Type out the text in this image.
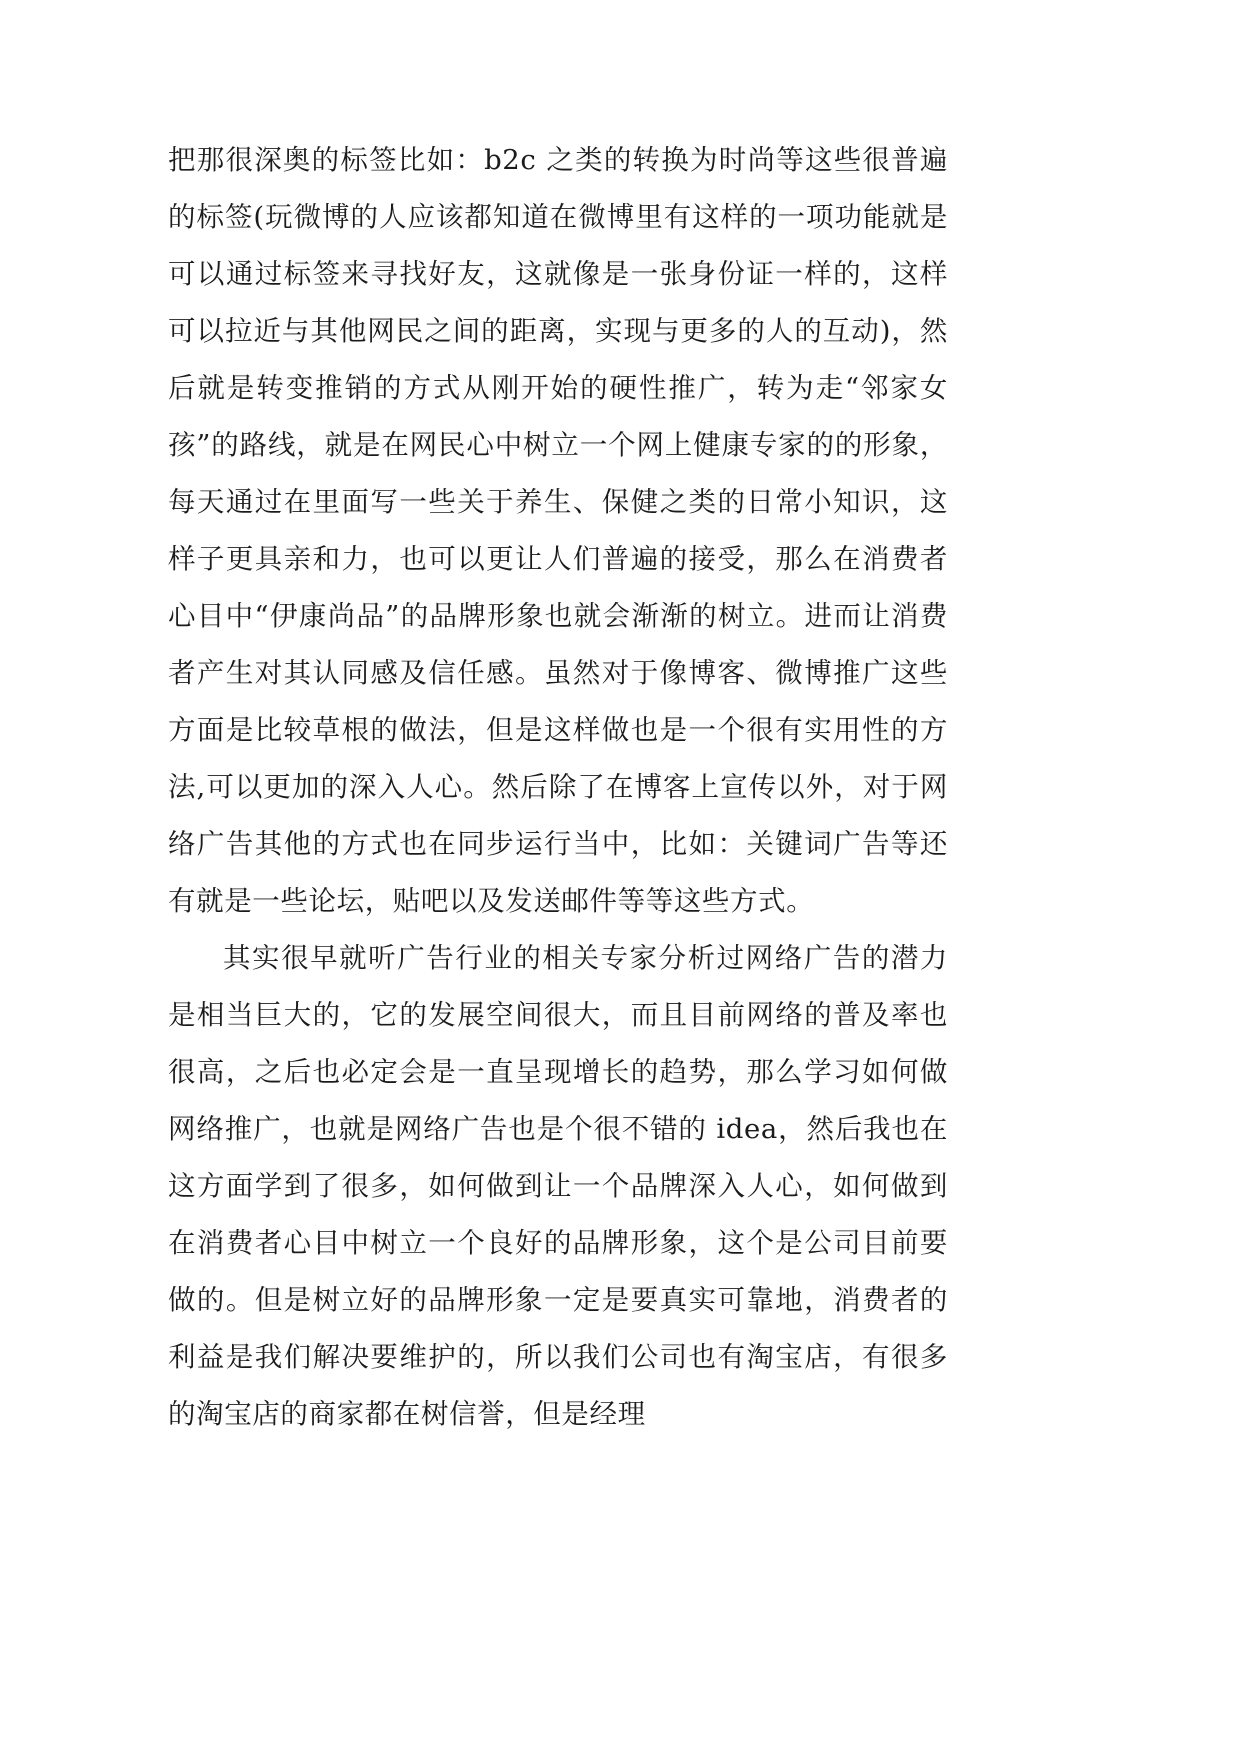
把那很深奥的标签比如：b2c 之类的转换为时尚等这些很普遍的标签(玩微博的人应该都知道在微博里有这样的一项功能就是可以通过标签来寻找好友，这就像是一张身份证一样的，这样可以拉近与其他网民之间的距离，实现与更多的人的互动)，然后就是转变推销的方式从刚开始的硬性推广，转为走“邻家女孩”的路线，就是在网民心中树立一个网上健康专家的的形象，每天通过在里面写一些关于养生、保健之类的日常小知识，这样子更具亲和力，也可以更让人们普遍的接受，那么在消费者心目中“伊康尚品”的品牌形象也就会渐渐的树立。进而让消费者产生对其认同感及信任感。虽然对于像博客、微博推广这些方面是比较草根的做法，但是这样做也是一个很有实用性的方法,可以更加的深入人心。然后除了在博客上宣传以外，对于网络广告其他的方式也在同步运行当中，比如：关键词广告等还有就是一些论坛，贴吧以及发送邮件等等这些方式。

其实很早就听广告行业的相关专家分析过网络广告的潜力是相当巨大的，它的发展空间很大，而且目前网络的普及率也很高，之后也必定会是一直呈现增长的趋势，那么学习如何做网络推广，也就是网络广告也是个很不错的 idea，然后我也在这方面学到了很多，如何做到让一个品牌深入人心，如何做到在消费者心目中树立一个良好的品牌形象，这个是公司目前要做的。但是树立好的品牌形象一定是要真实可靠地，消费者的利益是我们解决要维护的，所以我们公司也有淘宝店，有很多的淘宝店的商家都在树信誉，但是经理
